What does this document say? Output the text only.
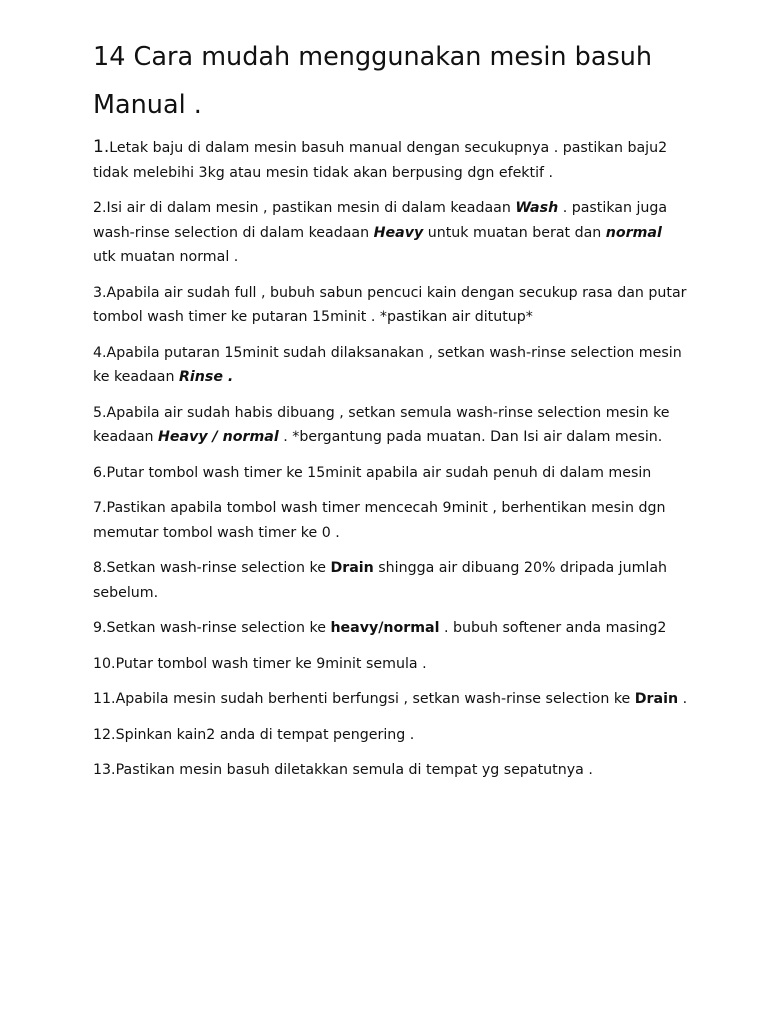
14 Cara mudah menggunakan mesin basuh Manual .
1.Letak baju di dalam mesin basuh manual dengan secukupnya . pastikan baju2 tidak melebihi 3kg atau mesin tidak akan berpusing dgn efektif .
2.Isi air di dalam mesin , pastikan mesin di dalam keadaan Wash . pastikan juga wash-rinse selection di dalam keadaan Heavy untuk muatan berat dan normal utk muatan normal .
3.Apabila air sudah full , bubuh sabun pencuci kain dengan secukup rasa dan putar tombol wash timer ke putaran 15minit . *pastikan air ditutup*
4.Apabila putaran 15minit sudah dilaksanakan , setkan wash-rinse selection mesin ke keadaan Rinse .
5.Apabila air sudah habis dibuang , setkan semula wash-rinse selection mesin ke keadaan Heavy / normal . *bergantung pada muatan. Dan Isi air dalam mesin.
6.Putar tombol wash timer ke 15minit apabila air sudah penuh di dalam mesin
7.Pastikan apabila tombol wash timer mencecah 9minit , berhentikan mesin dgn memutar tombol wash timer ke 0 .
8.Setkan wash-rinse selection ke Drain shingga air dibuang 20% dripada jumlah sebelum.
9.Setkan wash-rinse selection ke heavy/normal . bubuh softener anda masing2
10.Putar tombol wash timer ke 9minit semula .
11.Apabila mesin sudah berhenti berfungsi , setkan wash-rinse selection ke Drain .
12.Spinkan kain2 anda di tempat pengering .
13.Pastikan mesin basuh diletakkan semula di tempat yg sepatutnya .
